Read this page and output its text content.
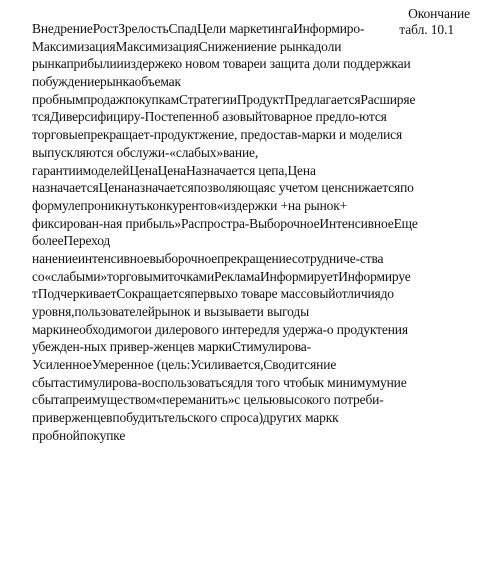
Окончание
табл. 10.1
ВнедрениеРостЗрелостьСпадЦели маркетингаИнформиро-
МаксимизацияМаксимизацияСнижениение рынкадоли
рынкаприбылиииздержеко новом товареи защита доли поддержкаи
побуждениерынкаобъемак
пробнымпродажпокупкамСтратегииПродуктПредлагаетсяРасширяе
тсяДиверсифициру-Постепенноб азовыйтоварное предло-ются
торговыепрекращает-продуктжение, предостав-марки и моделися
выпускляются обслужи-«слабых»вание,
гарантиимоделейЦенаЦенаНазначается цепа,Цена
назначаетсяЦенаназначаетсяпозволяющаяс учетом ценснижаетсяпо
формулепроникнутьконкурентов«издержки +на рынок+
фиксирован-ная прибыль»Распростра-ВыборочноеИнтенсивноеЕще
болееПереход
нанениеинтенсивноевыборочноепрекращениесотрудниче-ства
со«слабыми»торговымиточкамиРекламаИнформируетИнформируе
тПодчеркиваетСокращаетсяпервыхо товаре массовыйотличиядо
уровня,пользователейрынок и вызываети выгоды
маркинеобходимогои дилерового интередля удержа-о продуктения
убежден-ных привер-женцев маркиСтимулирова-
УсиленноеУмеренное (цель:Усиливается,Сводитсяние
сбытастимулирова-воспользоватьсядля того чтобык минимумуние
сбытапреимуществом«переманить»с цельювысокого потреби-
приверженцевпобудитьтельского спроса)других маркк
пробнойпокупке
